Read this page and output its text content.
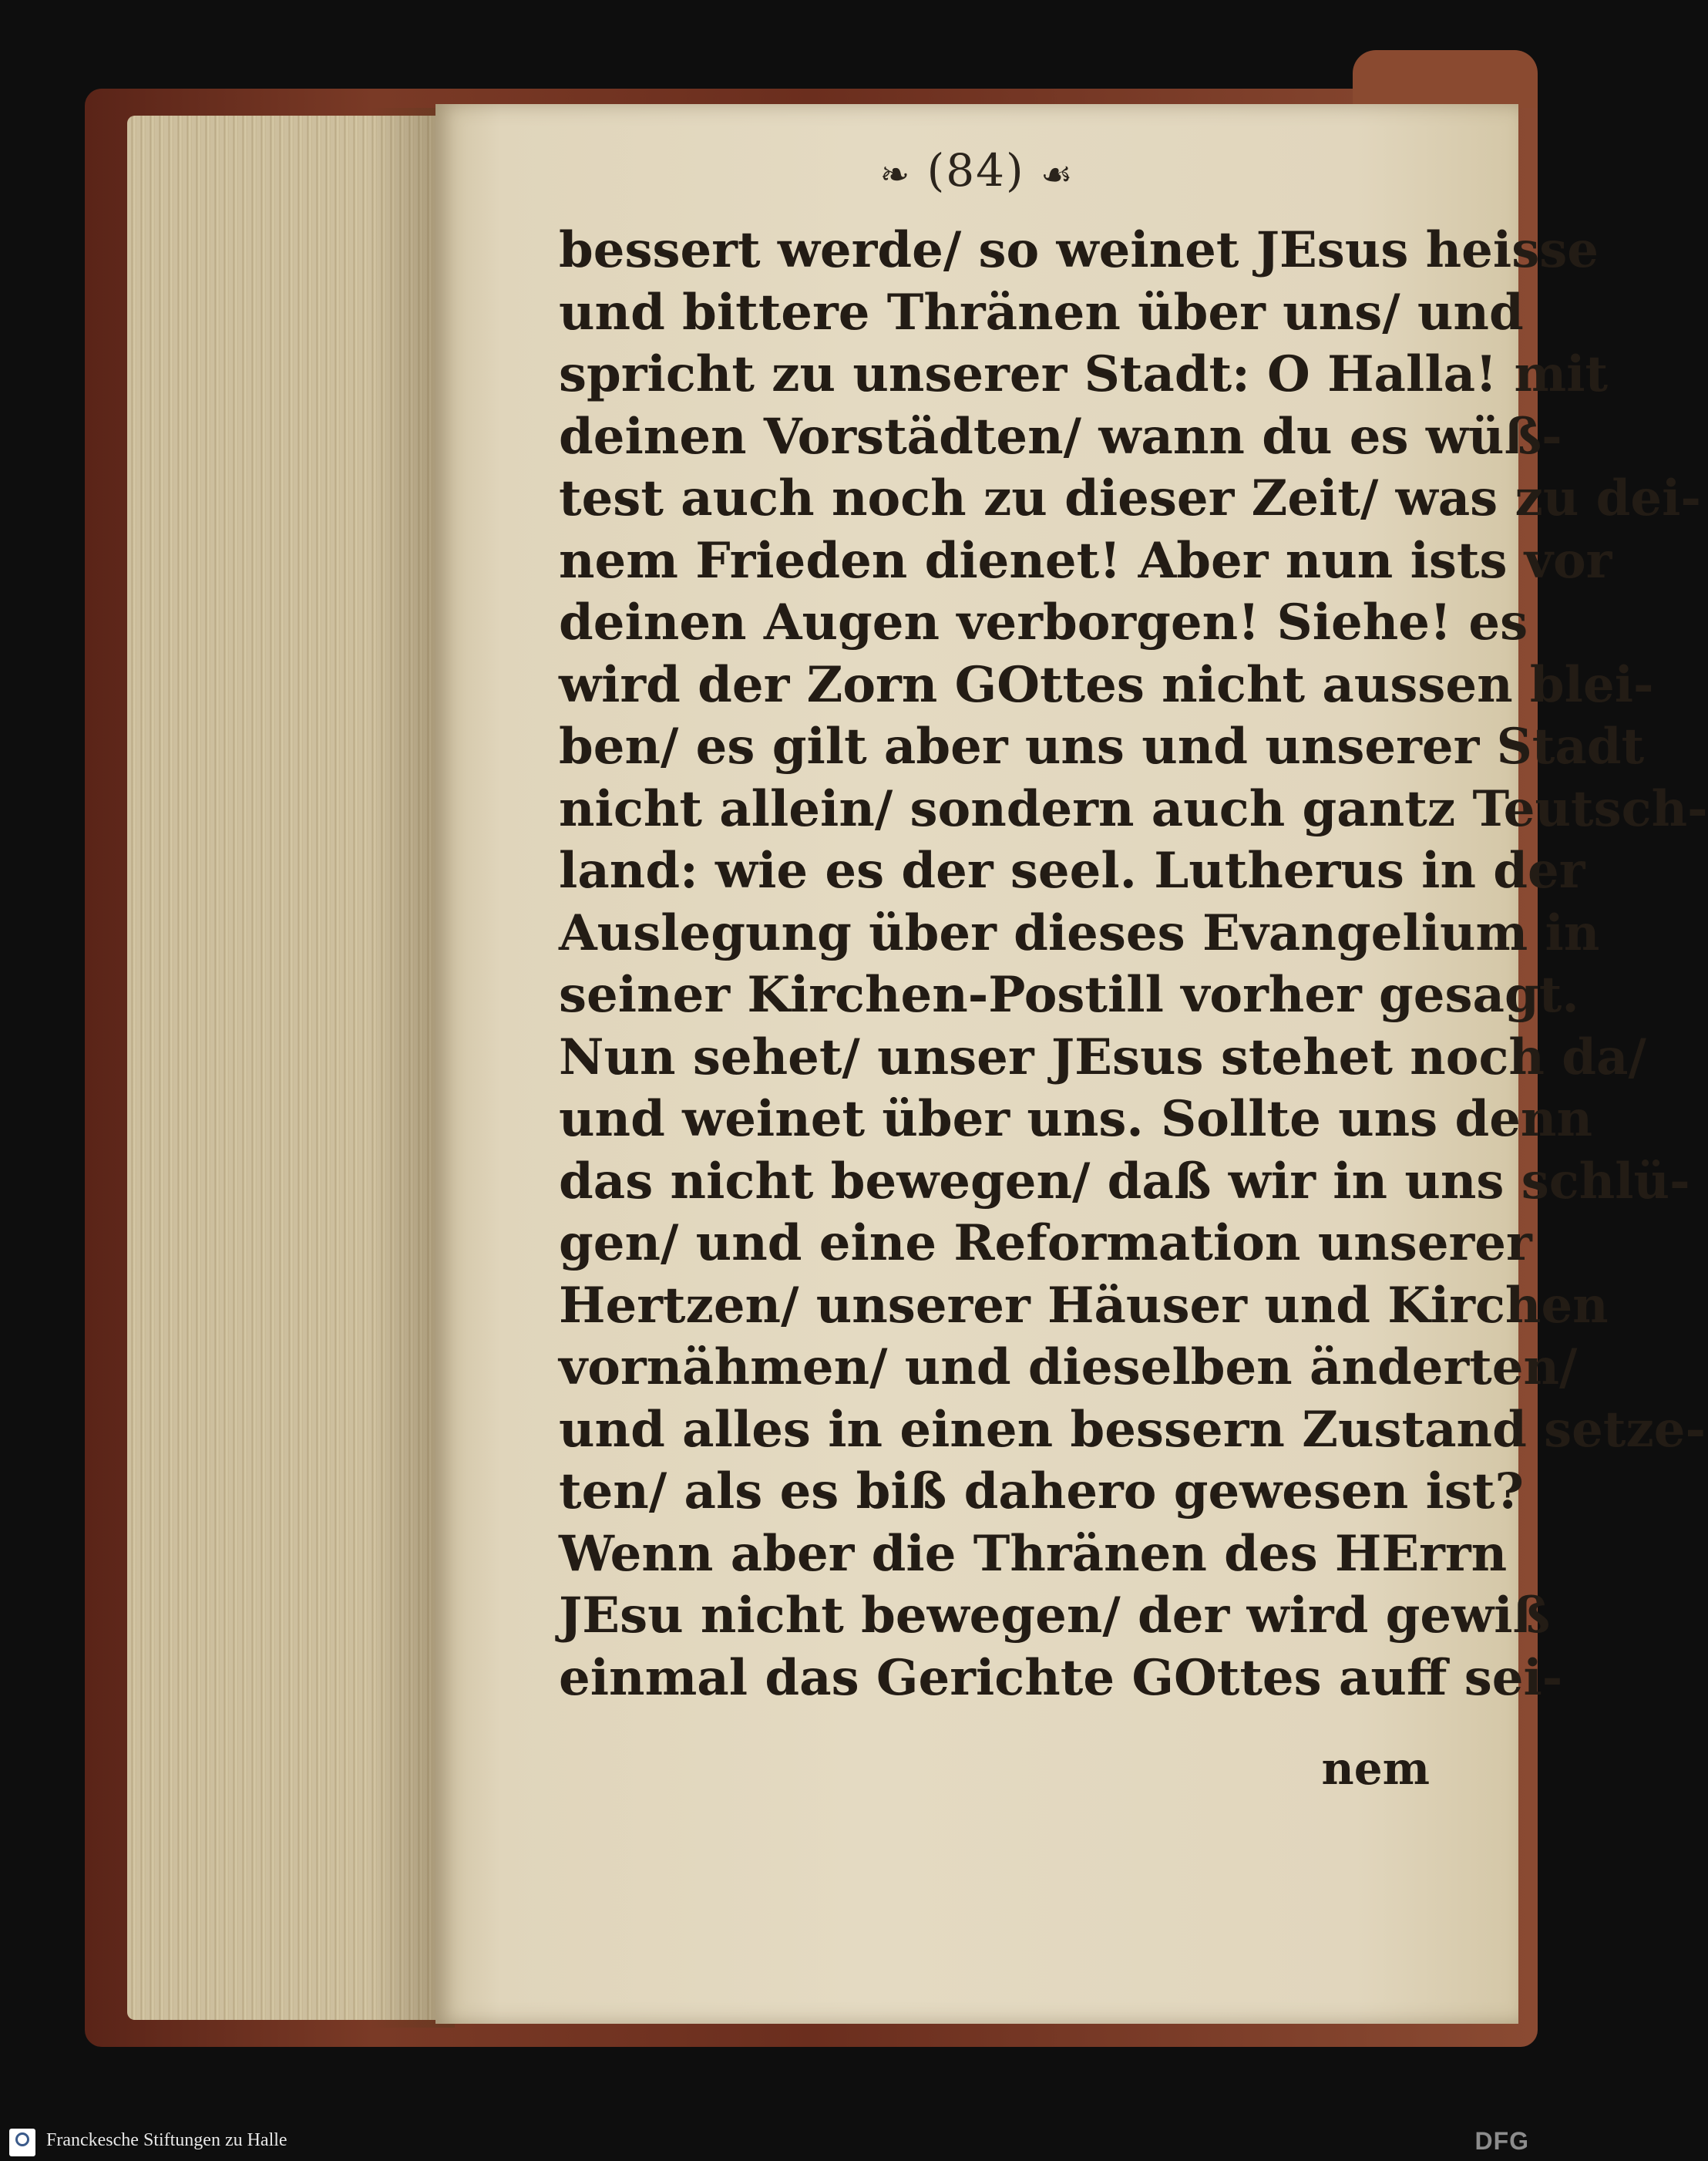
❧ (84) ☙
bessert werde/ so weinet JEsus heisse
und bittere Thränen über uns/ und
spricht zu unserer Stadt: O Halla! mit
deinen Vorstädten/ wann du es wüß-
test auch noch zu dieser Zeit/ was zu dei-
nem Frieden dienet! Aber nun ists vor
deinen Augen verborgen! Siehe! es
wird der Zorn GOttes nicht aussen blei-
ben/ es gilt aber uns und unserer Stadt
nicht allein/ sondern auch gantz Teutsch-
land: wie es der seel. Lutherus in der
Auslegung über dieses Evangelium in
seiner Kirchen-Postill vorher gesagt.
Nun sehet/ unser JEsus stehet noch da/
und weinet über uns. Sollte uns denn
das nicht bewegen/ daß wir in uns schlü-
gen/ und eine Reformation unserer
Hertzen/ unserer Häuser und Kirchen
vornähmen/ und dieselben änderten/
und alles in einen bessern Zustand setze-
ten/ als es biß dahero gewesen ist?
Wenn aber die Thränen des HErrn
JEsu nicht bewegen/ der wird gewiß
einmal das Gerichte GOttes auff sei-
nem
Franckesche Stiftungen zu Halle	DFG
